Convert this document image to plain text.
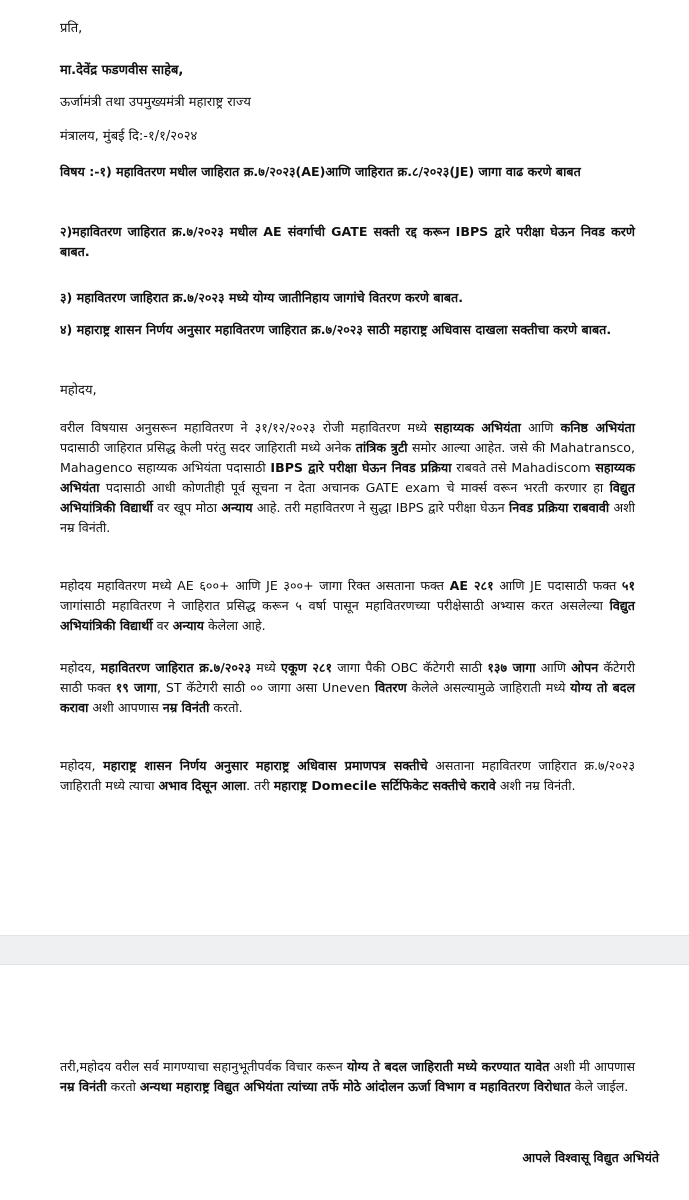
प्रति,
मा.देवेंद्र फडणवीस साहेब,
ऊर्जामंत्री तथा उपमुख्यमंत्री महाराष्ट्र राज्य
मंत्रालय, मुंबई दि:-१/१/२०२४
विषय :-१) महावितरण मधील जाहिरात क्र.७/२०२३(AE)आणि जाहिरात क्र.८/२०२३(JE) जागा वाढ करणे बाबत
२)महावितरण जाहिरात क्र.७/२०२३ मधील AE संवर्गाची GATE सक्ती रद्द करून IBPS द्वारे परीक्षा घेऊन निवड करणे बाबत.
३) महावितरण जाहिरात क्र.७/२०२३ मध्ये योग्य जातीनिहाय जागांचे वितरण करणे बाबत.
४) महाराष्ट्र शासन निर्णय अनुसार महावितरण जाहिरात क्र.७/२०२३ साठी महाराष्ट्र अधिवास दाखला सक्तीचा करणे बाबत.
महोदय,
वरील विषयास अनुसरून महावितरण ने ३१/१२/२०२३ रोजी महावितरण मध्ये सहाय्यक अभियंता आणि कनिष्ठ अभियंता पदासाठी जाहिरात प्रसिद्ध केली परंतु सदर जाहिराती मध्ये अनेक तांत्रिक त्रुटी समोर आल्या आहेत. जसे की Mahatransco, Mahagenco सहाय्यक अभियंता पदासाठी IBPS द्वारे परीक्षा घेऊन निवड प्रक्रिया राबवते तसे Mahadiscom सहाय्यक अभियंता पदासाठी आधी कोणतीही पूर्व सूचना न देता अचानक GATE exam चे मार्क्स वरून भरती करणार हा विद्युत अभियांत्रिकी विद्यार्थी वर खूप मोठा अन्याय आहे. तरी महावितरण ने सुद्धा IBPS द्वारे परीक्षा घेऊन निवड प्रक्रिया राबवावी अशी नम्र विनंती.
महोदय महावितरण मध्ये AE ६००+ आणि JE ३००+ जागा रिक्त असताना फक्त AE २८१ आणि JE पदासाठी फक्त ५१ जागांसाठी महावितरण ने जाहिरात प्रसिद्ध करून ५ वर्षा पासून महावितरणच्या परीक्षेसाठी अभ्यास करत असलेल्या विद्युत अभियांत्रिकी विद्यार्थी वर अन्याय केलेला आहे.
महोदय, महावितरण जाहिरात क्र.७/२०२३ मध्ये एकूण २८१ जागा पैकी OBC कॅटेगरी साठी १३७ जागा आणि ओपन कॅटेगरी साठी फक्त १९ जागा, ST कॅटेगरी साठी ०० जागा असा Uneven वितरण केलेले असल्यामुळे जाहिराती मध्ये योग्य तो बदल करावा अशी आपणास नम्र विनंती करतो.
महोदय, महाराष्ट्र शासन निर्णय अनुसार महाराष्ट्र अधिवास प्रमाणपत्र सक्तीचे असताना महावितरण जाहिरात क्र.७/२०२३ जाहिराती मध्ये त्याचा अभाव दिसून आला. तरी महाराष्ट्र Domecile सर्टिफिकेट सक्तीचे करावे अशी नम्र विनंती.
तरी,महोदय वरील सर्व मागण्याचा सहानुभूतीपर्वक विचार करून योग्य ते बदल जाहिराती मध्ये करण्यात यावेत अशी मी आपणास नम्र विनंती करतो अन्यथा महाराष्ट्र विद्युत अभियंता त्यांच्या तर्फे मोठे आंदोलन ऊर्जा विभाग व महावितरण विरोधात केले जाईल.
आपले विश्वासू विद्युत अभियंते
